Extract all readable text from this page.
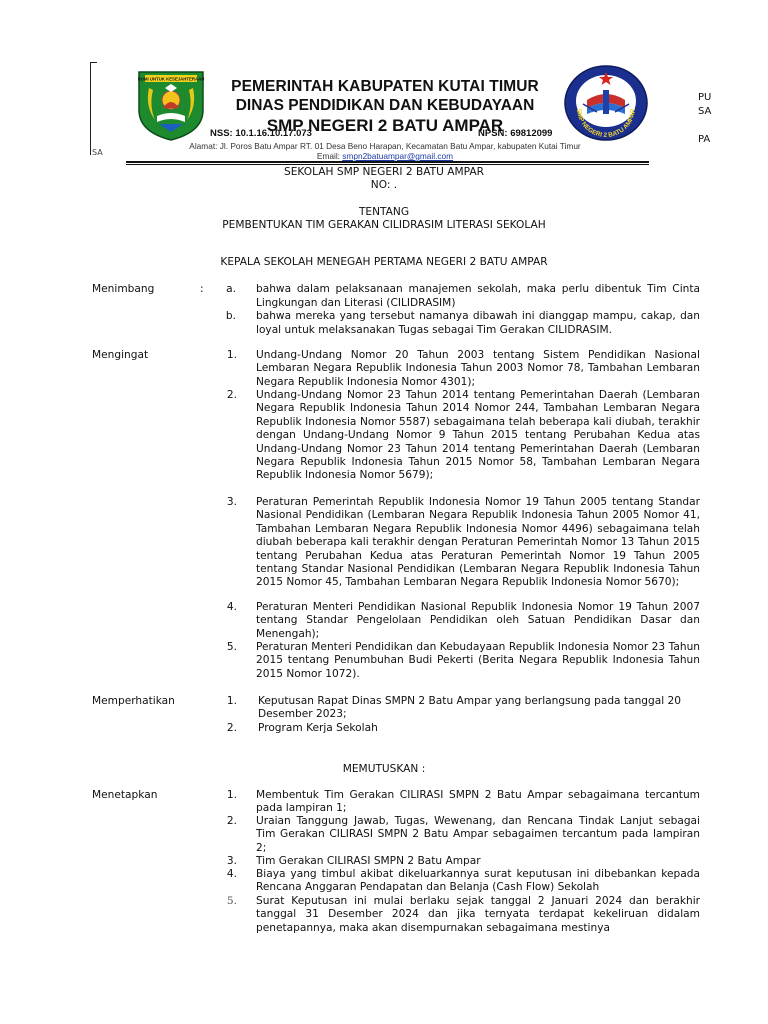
SA
BUMI UNTUK KESEJAHTERAAN	PEMERINTAH KABUPATEN KUTAI TIMUR
DINAS PENDIDIKAN DAN KEBUDAYAAN
SMP NEGERI 2 BATU AMPAR
NSS: 10.1.16.10.17.073	NPSN: 69812099
Alamat: Jl. Poros Batu Ampar RT. 01 Desa Beno Harapan, Kecamatan Batu Ampar, kabupaten Kutai Timur
Email: smpn2batuampar@gmail.com
SMP NEGERI 2 BATU AMPAR
PU
SA
PA
SEKOLAH SMP NEGERI 2 BATU AMPAR
NO: .
TENTANG
PEMBENTUKAN TIM GERAKAN CILIDRASIM LITERASI SEKOLAH
KEPALA SEKOLAH MENEGAH PERTAMA NEGERI 2 BATU AMPAR
Menimbang	:	a. bahwa dalam pelaksanaan manajemen sekolah, maka perlu dibentuk Tim Cinta Lingkungan dan Literasi (CILIDRASIM)

b. bahwa mereka yang tersebut namanya dibawah ini dianggap mampu, cakap, dan loyal untuk melaksanakan Tugas sebagai Tim Gerakan CILIDRASIM.

Mengingat	1. Undang-Undang Nomor 20 Tahun 2003 tentang Sistem Pendidikan Nasional Lembaran Negara Republik Indonesia Tahun 2003 Nomor 78, Tambahan Lembaran Negara Republik Indonesia Nomor 4301);

2. Undang-Undang Nomor 23 Tahun 2014 tentang Pemerintahan Daerah (Lembaran Negara Republik Indonesia Tahun 2014 Nomor 244, Tambahan Lembaran Negara Republik Indonesia Nomor 5587) sebagaimana telah beberapa kali diubah, terakhir dengan Undang-Undang Nomor 9 Tahun 2015 tentang Perubahan Kedua atas Undang-Undang Nomor 23 Tahun 2014 tentang Pemerintahan Daerah (Lembaran Negara Republik Indonesia Tahun 2015 Nomor 58, Tambahan Lembaran Negara Republik Indonesia Nomor 5679);

3. Peraturan Pemerintah Republik Indonesia Nomor 19 Tahun 2005 tentang Standar Nasional Pendidikan (Lembaran Negara Republik Indonesia Tahun 2005 Nomor 41, Tambahan Lembaran Negara Republik Indonesia Nomor 4496) sebagaimana telah diubah beberapa kali terakhir dengan Peraturan Pemerintah Nomor 13 Tahun 2015 tentang Perubahan Kedua atas Peraturan Pemerintah Nomor 19 Tahun 2005 tentang Standar Nasional Pendidikan (Lembaran Negara Republik Indonesia Tahun 2015 Nomor 45, Tambahan Lembaran Negara Republik Indonesia Nomor 5670);

4. Peraturan Menteri Pendidikan Nasional Republik Indonesia Nomor 19 Tahun 2007 tentang Standar Pengelolaan Pendidikan oleh Satuan Pendidikan Dasar dan Menengah);

5. Peraturan Menteri Pendidikan dan Kebudayaan Republik Indonesia Nomor 23 Tahun 2015 tentang Penumbuhan Budi Pekerti (Berita Negara Republik Indonesia Tahun 2015 Nomor 1072).

Memperhatikan	1. Keputusan Rapat Dinas SMPN 2 Batu Ampar yang berlangsung pada tanggal 20 Desember 2023;

2. Program Kerja Sekolah

MEMUTUSKAN :
Menetapkan	1. Membentuk Tim Gerakan CILIRASI SMPN 2 Batu Ampar sebagaimana tercantum pada lampiran 1;

2. Uraian Tanggung Jawab, Tugas, Wewenang, dan Rencana Tindak Lanjut sebagai Tim Gerakan CILIRASI SMPN 2 Batu Ampar sebagaimen tercantum pada lampiran 2;

3. Tim Gerakan CILIRASI SMPN 2 Batu Ampar

4. Biaya yang timbul akibat dikeluarkannya surat keputusan ini dibebankan kepada Rencana Anggaran Pendapatan dan Belanja (Cash Flow) Sekolah

5. Surat Keputusan ini mulai berlaku sejak tanggal 2 Januari 2024 dan berakhir tanggal 31 Desember 2024 dan jika ternyata terdapat kekeliruan didalam penetapannya, maka akan disempurnakan sebagaimana mestinya
